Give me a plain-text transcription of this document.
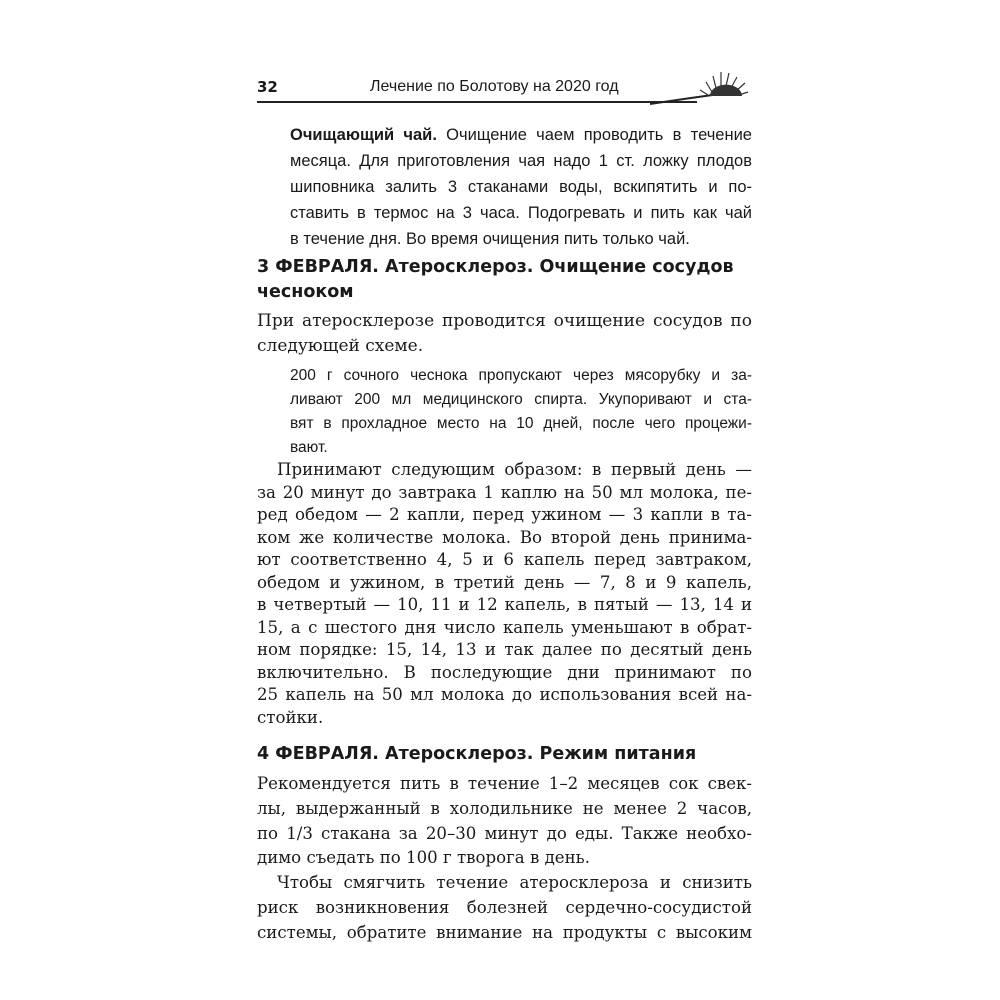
32	Лечение по Болотову на 2020 год
Очищающий чай. Очищение чаем проводить в течение
месяца. Для приготовления чая надо 1 ст. ложку плодов
шиповника залить 3 стаканами воды, вскипятить и по-
ставить в термос на 3 часа. Подогревать и пить как чай
в течение дня. Во время очищения пить только чай.
3 ФЕВРАЛЯ. Атеросклероз. Очищение сосудов
чесноком
При атеросклерозе проводится очищение сосудов по
следующей схеме.
200 г сочного чеснока пропускают через мясорубку и за-
ливают 200 мл медицинского спирта. Укупоривают и ста-
вят в прохладное место на 10 дней, после чего процежи-
вают.
Принимают следующим образом: в первый день —
за 20 минут до завтрака 1 каплю на 50 мл молока, пе-
ред обедом — 2 капли, перед ужином — 3 капли в та-
ком же количестве молока. Во второй день принима-
ют соответственно 4, 5 и 6 капель перед завтраком,
обедом и ужином, в третий день — 7, 8 и 9 капель,
в четвертый — 10, 11 и 12 капель, в пятый — 13, 14 и
15, а с шестого дня число капель уменьшают в обрат-
ном порядке: 15, 14, 13 и так далее по десятый день
включительно. В последующие дни принимают по
25 капель на 50 мл молока до использования всей на-
стойки.
4 ФЕВРАЛЯ. Атеросклероз. Режим питания
Рекомендуется пить в течение 1–2 месяцев сок свек-
лы, выдержанный в холодильнике не менее 2 часов,
по 1/3 стакана за 20–30 минут до еды. Также необхо-
димо съедать по 100 г творога в день.
Чтобы смягчить течение атеросклероза и снизить
риск возникновения болезней сердечно-сосудистой
системы, обратите внимание на продукты с высоким
